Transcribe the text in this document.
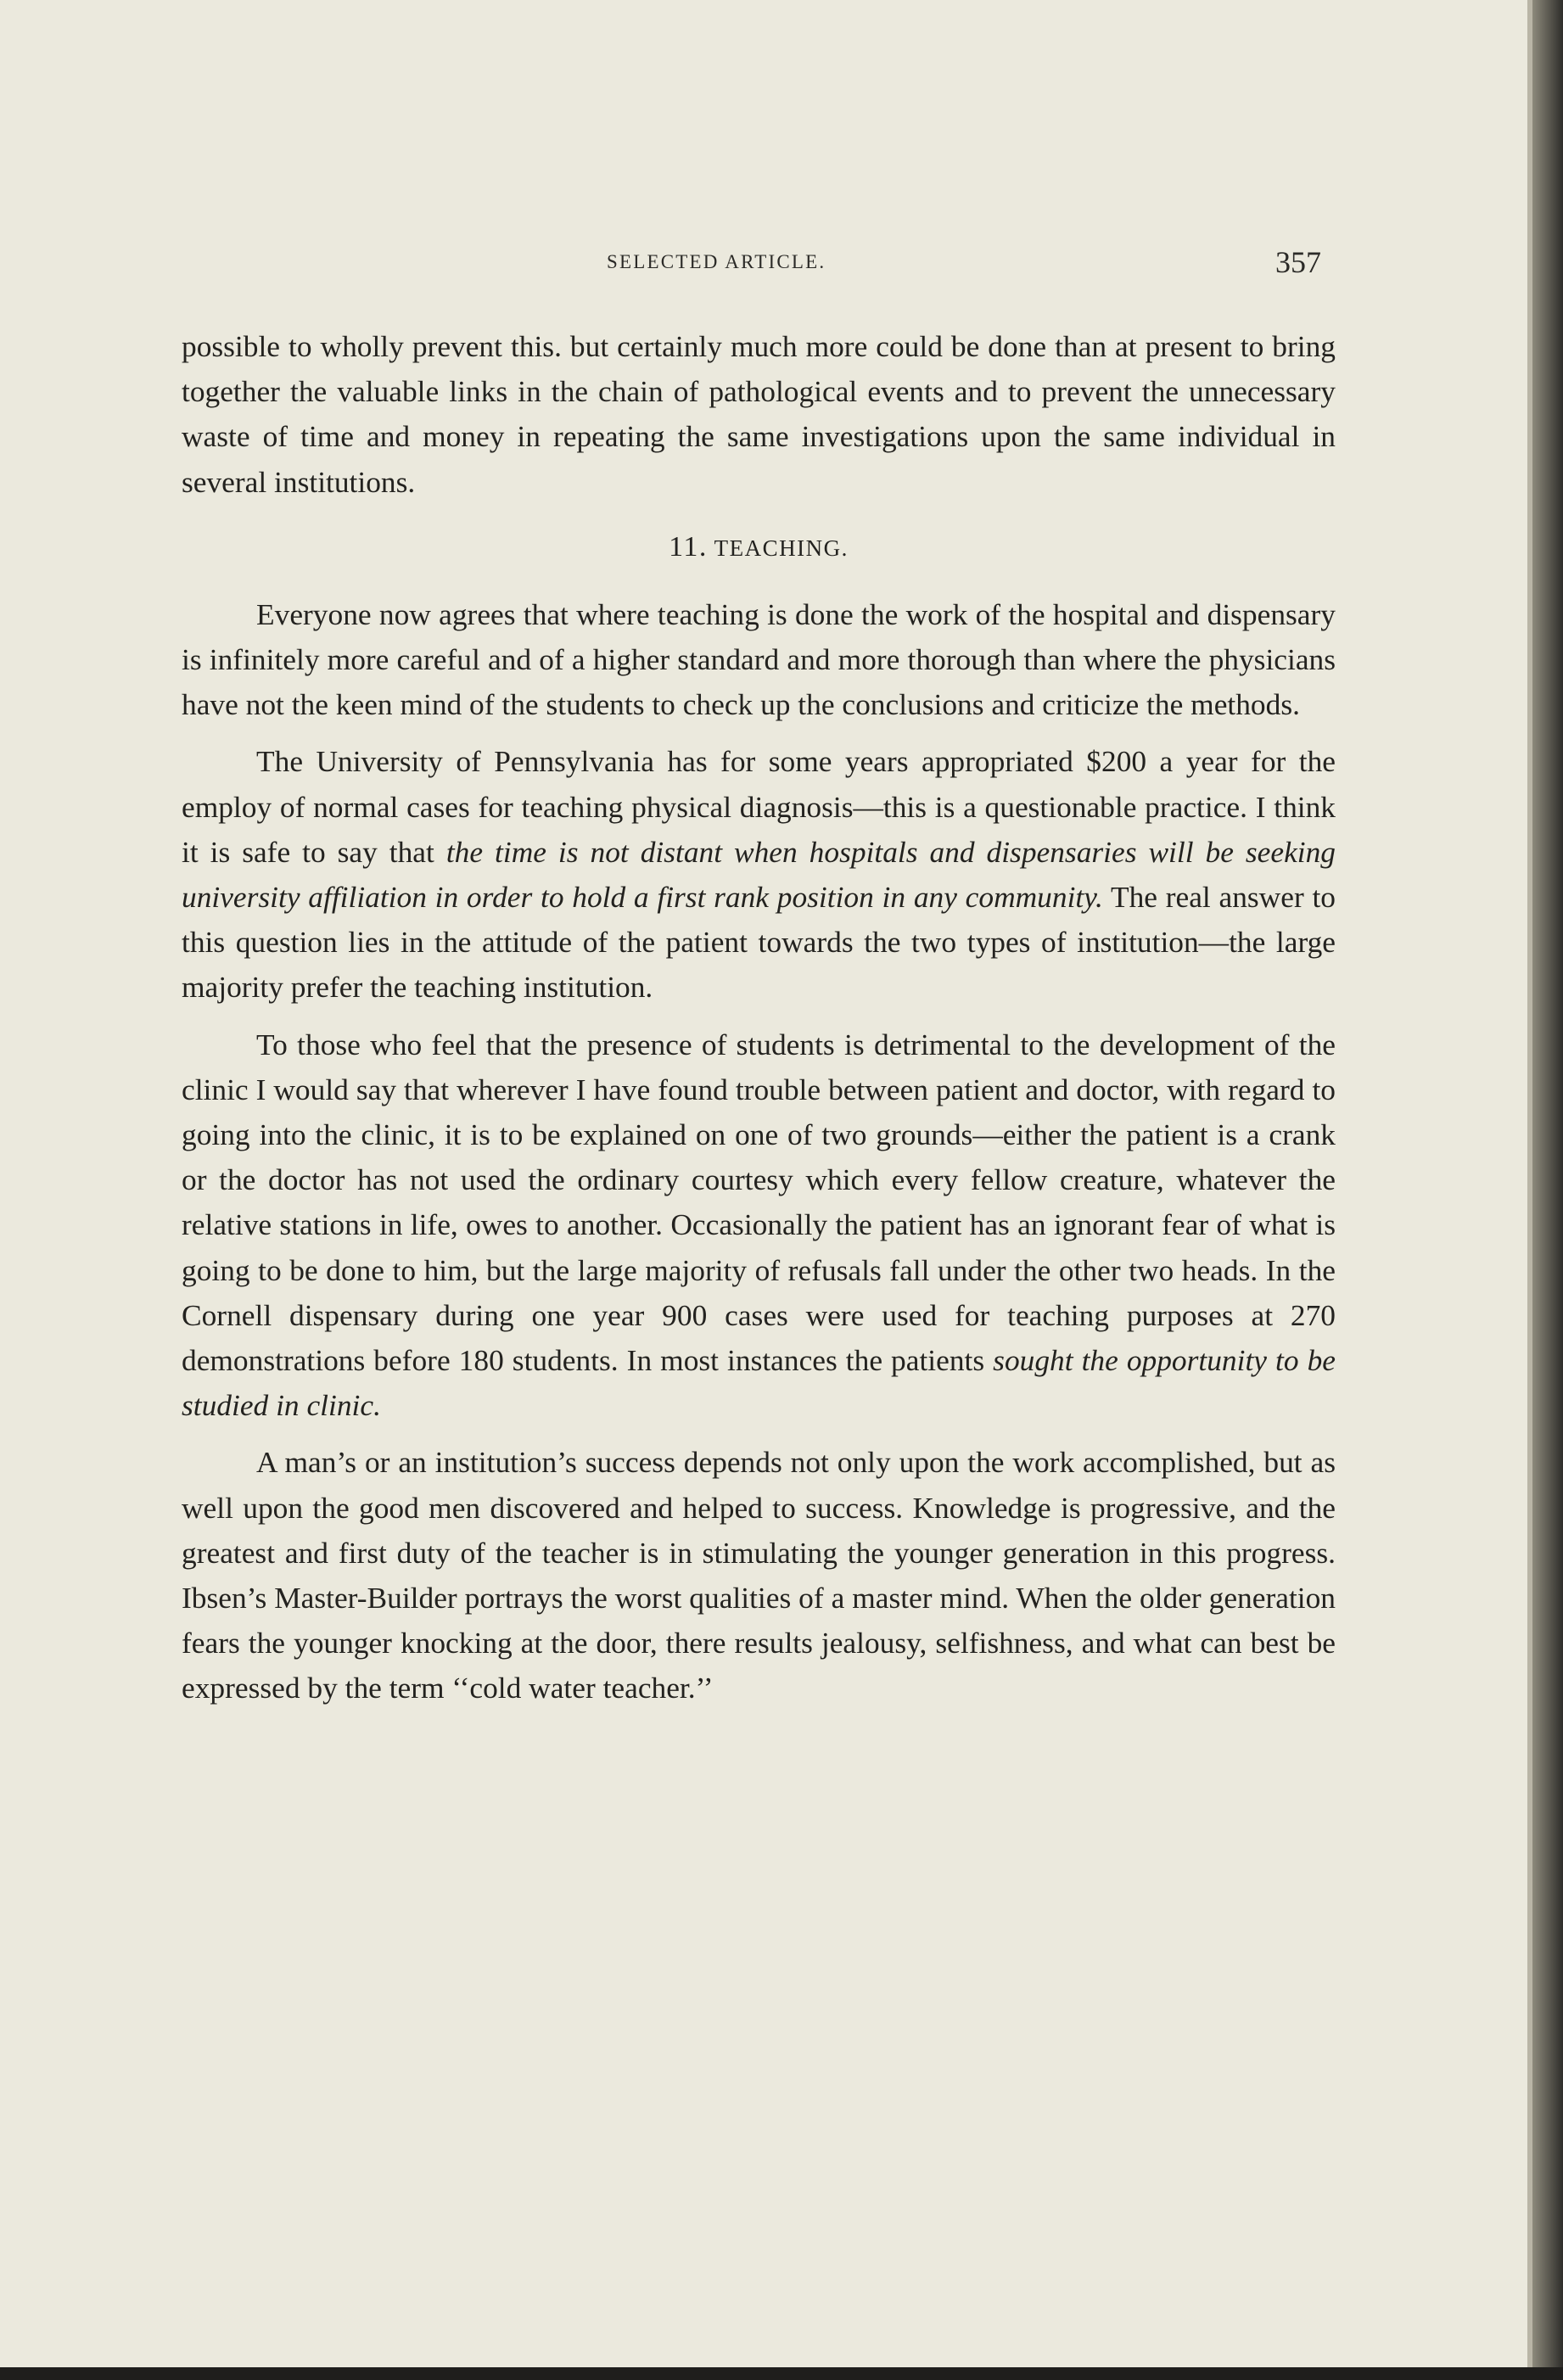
SELECTED ARTICLE.	357

possible to wholly prevent this. but certainly much more could be done than at present to bring together the valuable links in the chain of pathological events and to prevent the unnecessary waste of time and money in repeating the same investigations upon the same individual in several institutions.

11. TEACHING.

Everyone now agrees that where teaching is done the work of the hospital and dispensary is infinitely more careful and of a higher standard and more thorough than where the physicians have not the keen mind of the students to check up the conclusions and criticize the methods.

The University of Pennsylvania has for some years appropriated $200 a year for the employ of normal cases for teaching physical diagnosis—this is a questionable practice. I think it is safe to say that the time is not distant when hospitals and dispensaries will be seeking university affiliation in order to hold a first rank position in any community. The real answer to this question lies in the attitude of the patient towards the two types of institution—the large majority prefer the teaching institution.

To those who feel that the presence of students is detrimental to the development of the clinic I would say that wherever I have found trouble between patient and doctor, with regard to going into the clinic, it is to be explained on one of two grounds—either the patient is a crank or the doctor has not used the ordinary courtesy which every fellow creature, whatever the relative stations in life, owes to another. Occasionally the patient has an ignorant fear of what is going to be done to him, but the large majority of refusals fall under the other two heads. In the Cornell dispensary during one year 900 cases were used for teaching purposes at 270 demonstrations before 180 students. In most instances the patients sought the opportunity to be studied in clinic.

A man’s or an institution’s success depends not only upon the work accomplished, but as well upon the good men discovered and helped to success. Knowledge is progressive, and the greatest and first duty of the teacher is in stimulating the younger generation in this progress. Ibsen’s Master-Builder portrays the worst qualities of a master mind. When the older generation fears the younger knocking at the door, there results jealousy, selfishness, and what can best be expressed by the term ‘‘cold water teacher.’’
